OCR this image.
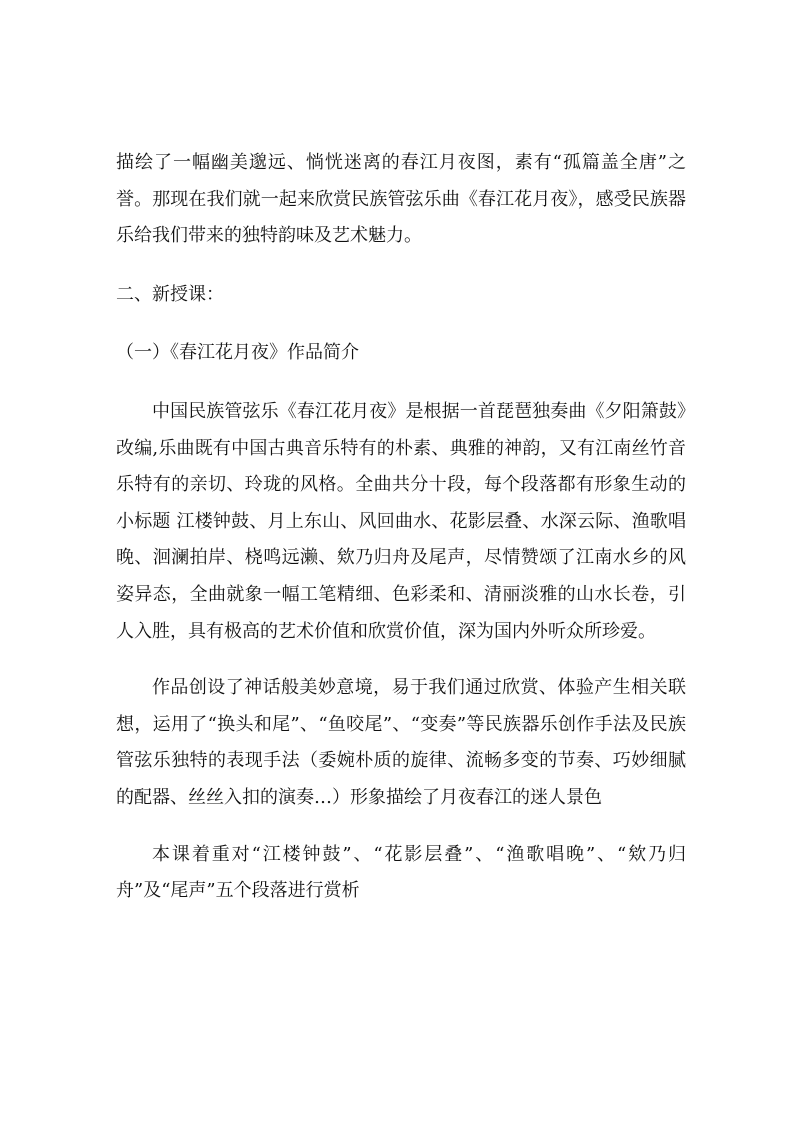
描绘了一幅幽美邈远、惝恍迷离的春江月夜图，素有“孤篇盖全唐”之誉。那现在我们就一起来欣赏民族管弦乐曲《春江花月夜》，感受民族器乐给我们带来的独特韵味及艺术魅力。

二、新授课：

（一）《春江花月夜》作品简介

中国民族管弦乐《春江花月夜》是根据一首琵琶独奏曲《夕阳箫鼓》改编,乐曲既有中国古典音乐特有的朴素、典雅的神韵，又有江南丝竹音乐特有的亲切、玲珑的风格。全曲共分十段，每个段落都有形象生动的小标题 江楼钟鼓、月上东山、风回曲水、花影层叠、水深云际、渔歌唱晚、洄澜拍岸、桡鸣远濑、欸乃归舟及尾声，尽情赞颂了江南水乡的风姿异态，全曲就象一幅工笔精细、色彩柔和、清丽淡雅的山水长卷，引人入胜，具有极高的艺术价值和欣赏价值，深为国内外听众所珍爱。

作品创设了神话般美妙意境，易于我们通过欣赏、体验产生相关联想，运用了“换头和尾”、“鱼咬尾”、“变奏”等民族器乐创作手法及民族管弦乐独特的表现手法（委婉朴质的旋律、流畅多变的节奏、巧妙细腻的配器、丝丝入扣的演奏…）形象描绘了月夜春江的迷人景色

本课着重对“江楼钟鼓”、“花影层叠”、“渔歌唱晚”、“欸乃归舟”及“尾声”五个段落进行赏析
